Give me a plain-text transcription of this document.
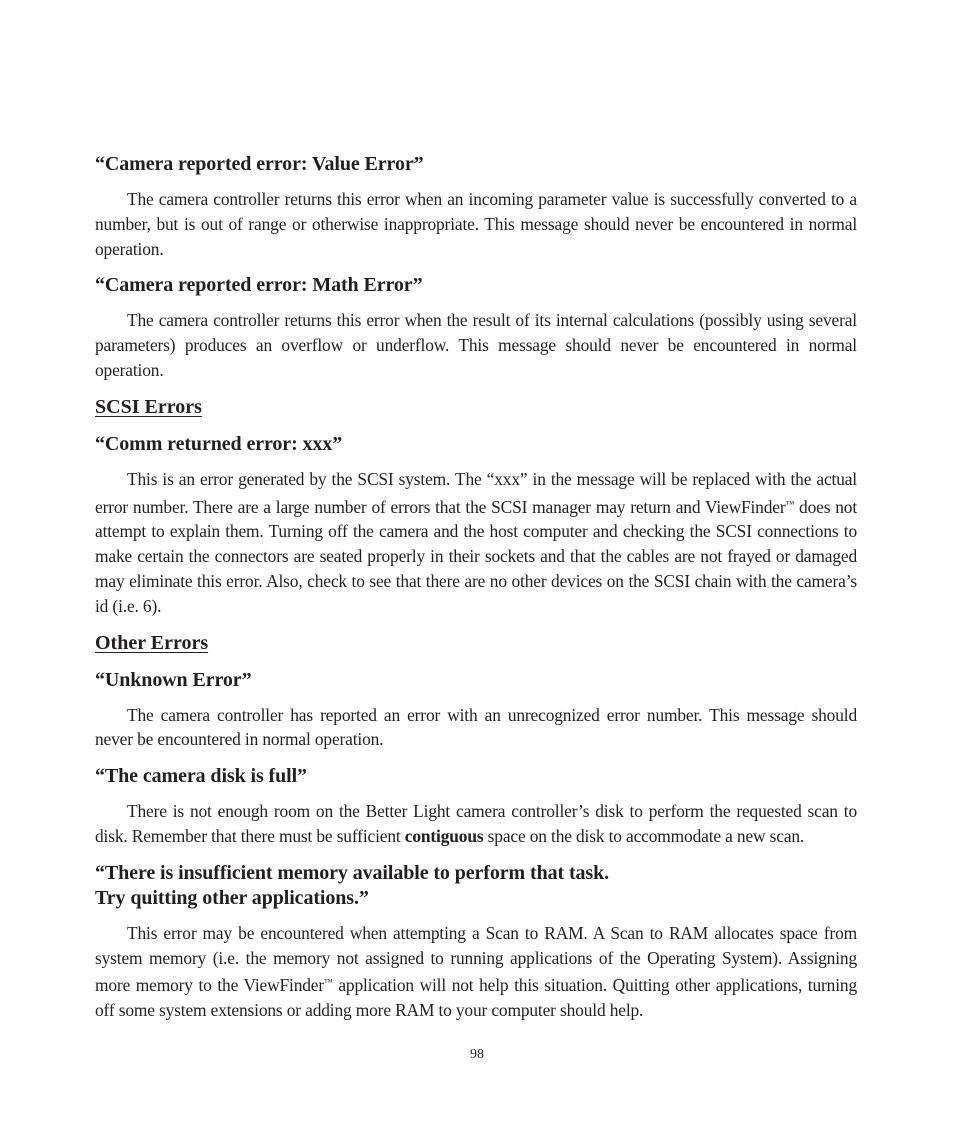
“Camera reported error: Value Error”

The camera controller returns this error when an incoming parameter value is successfully converted to a number, but is out of range or otherwise inappropriate. This message should never be encountered in normal operation.

“Camera reported error: Math Error”

The camera controller returns this error when the result of its internal calculations (possibly using several parameters) produces an overflow or underflow. This message should never be encountered in normal operation.

SCSI Errors
“Comm returned error: xxx”

This is an error generated by the SCSI system. The “xxx” in the message will be replaced with the actual error number. There are a large number of errors that the SCSI manager may return and ViewFinder™ does not attempt to explain them. Turning off the camera and the host computer and checking the SCSI connections to make certain the connectors are seated properly in their sockets and that the cables are not frayed or damaged may eliminate this error. Also, check to see that there are no other devices on the SCSI chain with the camera’s id (i.e. 6).

Other Errors
“Unknown Error”

The camera controller has reported an error with an unrecognized error number. This message should never be encountered in normal operation.

“The camera disk is full”

There is not enough room on the Better Light camera controller’s disk to perform the requested scan to disk. Remember that there must be sufficient contiguous space on the disk to accommodate a new scan.

“There is insufficient memory available to perform that task.
Try quitting other applications.”

This error may be encountered when attempting a Scan to RAM. A Scan to RAM allocates space from system memory (i.e. the memory not assigned to running applications of the Operating System). Assigning more memory to the ViewFinder™ application will not help this situation. Quitting other applications, turning off some system extensions or adding more RAM to your computer should help.

98
